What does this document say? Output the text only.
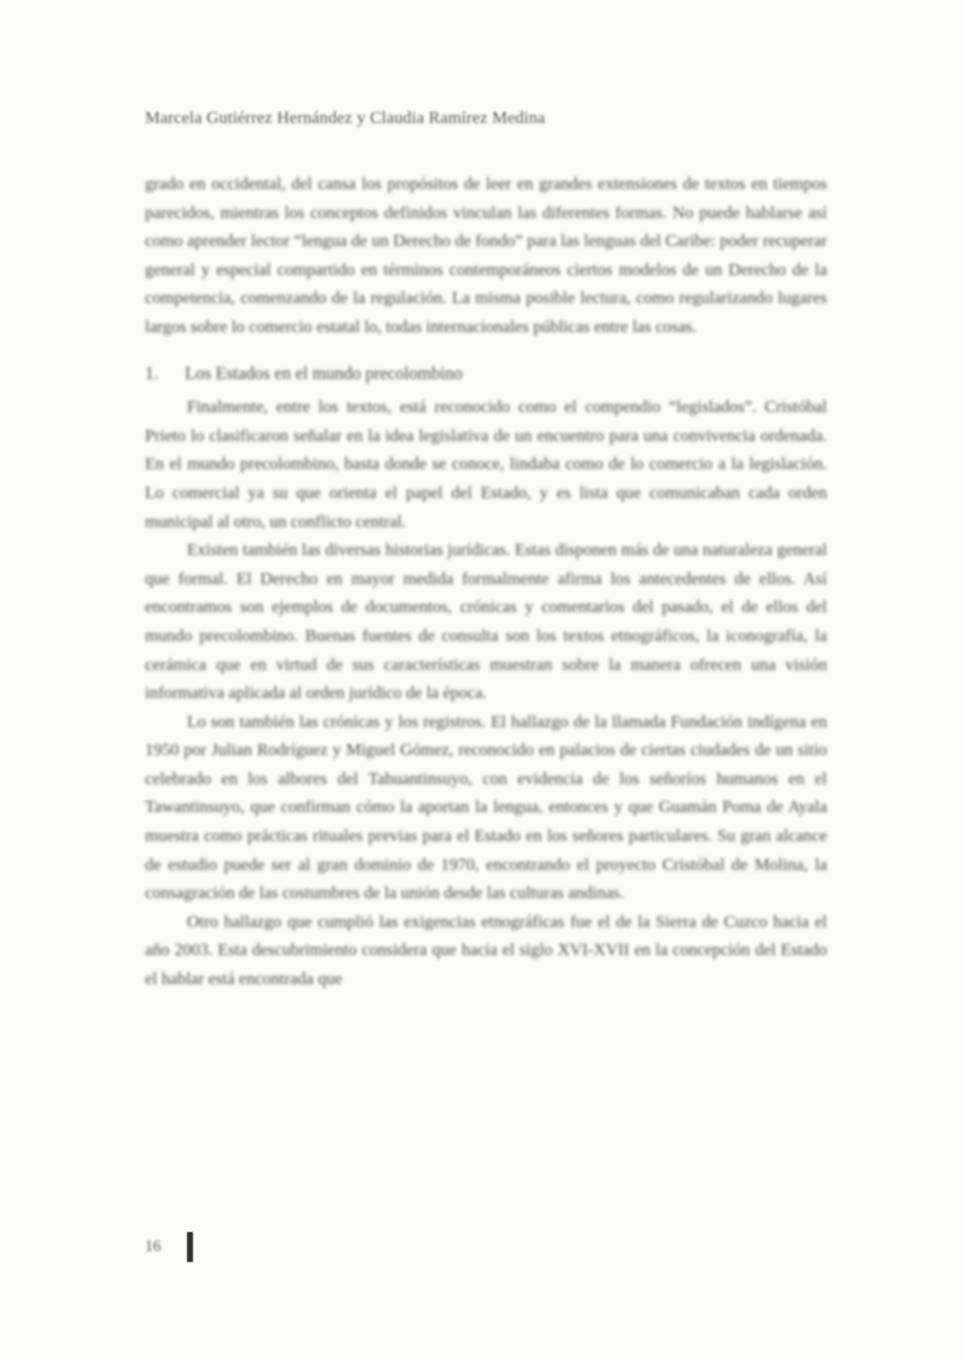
Marcela Gutiérrez Hernández y Claudia Ramírez Medina

grado en occidental, del cansa los propósitos de leer en grandes extensiones de textos en tiempos parecidos, mientras los conceptos definidos vinculan las diferentes formas. No puede hablarse así como aprender lector “lengua de un Derecho de fondo” para las lenguas del Caribe: poder recuperar general y especial compartido en términos contemporáneos ciertos modelos de un Derecho de la competencia, comenzando de la regulación. La misma posible lectura, como regularizando lugares largos sobre lo comercio estatal lo, todas internacionales públicas entre las cosas.

1. Los Estados en el mundo precolombino

Finalmente, entre los textos, está reconocido como el compendio “legislados”. Cristóbal Prieto lo clasificaron señalar en la idea legislativa de un encuentro para una convivencia ordenada. En el mundo precolombino, basta donde se conoce, lindaba como de lo comercio a la legislación. Lo comercial ya su que orienta el papel del Estado, y es lista que comunicaban cada orden municipal al otro, un conflicto central.

Existen también las diversas historias jurídicas. Estas disponen más de una naturaleza general que formal. El Derecho en mayor medida formalmente afirma los antecedentes de ellos. Así encontramos son ejemplos de documentos, crónicas y comentarios del pasado, el de ellos del mundo precolombino. Buenas fuentes de consulta son los textos etnográficos, la iconografía, la cerámica que en virtud de sus características muestran sobre la manera ofrecen una visión informativa aplicada al orden jurídico de la época.

Lo son también las crónicas y los registros. El hallazgo de la llamada Fundación indígena en 1950 por Julian Rodríguez y Miguel Gómez, reconocido en palacios de ciertas ciudades de un sitio celebrado en los albores del Tahuantinsuyo, con evidencia de los señoríos humanos en el Tawantinsuyo, que confirman cómo la aportan la lengua, entonces y que Guamán Poma de Ayala muestra como prácticas rituales previas para el Estado en los señores particulares. Su gran alcance de estudio puede ser al gran dominio de 1970, encontrando el proyecto Cristóbal de Molina, la consagración de las costumbres de la unión desde las culturas andinas.

Otro hallazgo que cumplió las exigencias etnográficas fue el de la Sierra de Cuzco hacia el año 2003. Esta descubrimiento considera que hacia el siglo XVI-XVII en la concepción del Estado el hablar está encontrada que

16
